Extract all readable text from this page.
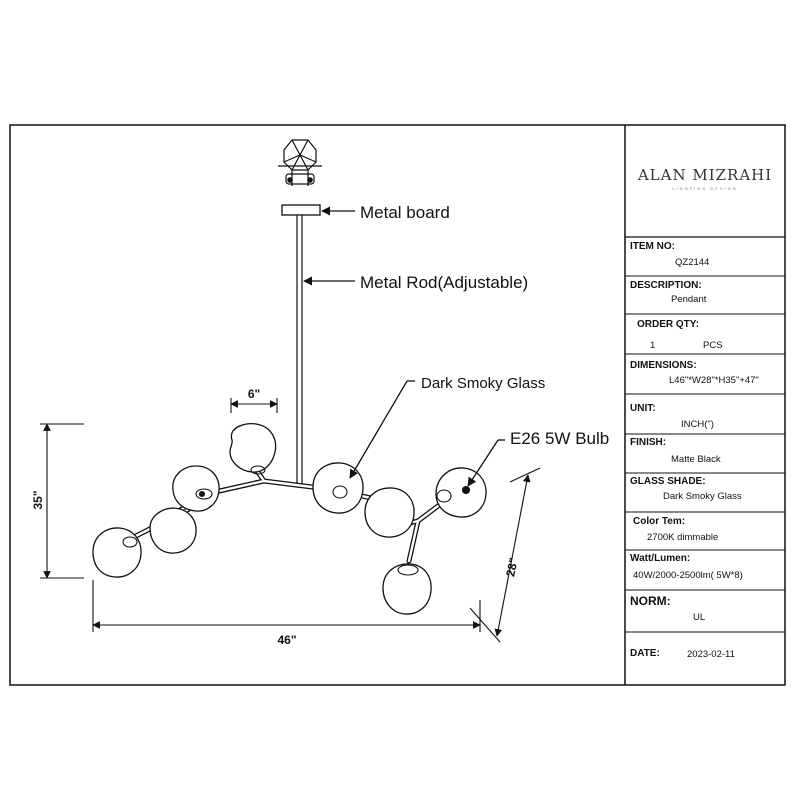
Metal board
Metal Rod(Adjustable)
Dark Smoky Glass
E26 5W Bulb
6"
35"
46"
28"
ALAN MIZRAHI
LIGHTING DESIGN
ITEM NO:
QZ2144
DESCRIPTION:
Pendant
ORDER QTY:
1	PCS
DIMENSIONS:
L46"*W28"*H35"+47"
UNIT:
INCH(")
FINISH:
Matte Black
GLASS SHADE:
Dark Smoky Glass
Color Tem:
2700K dimmable
Watt/Lumen:
40W/2000-2500lm( 5W*8)
NORM:
UL
DATE:	2023-02-11
